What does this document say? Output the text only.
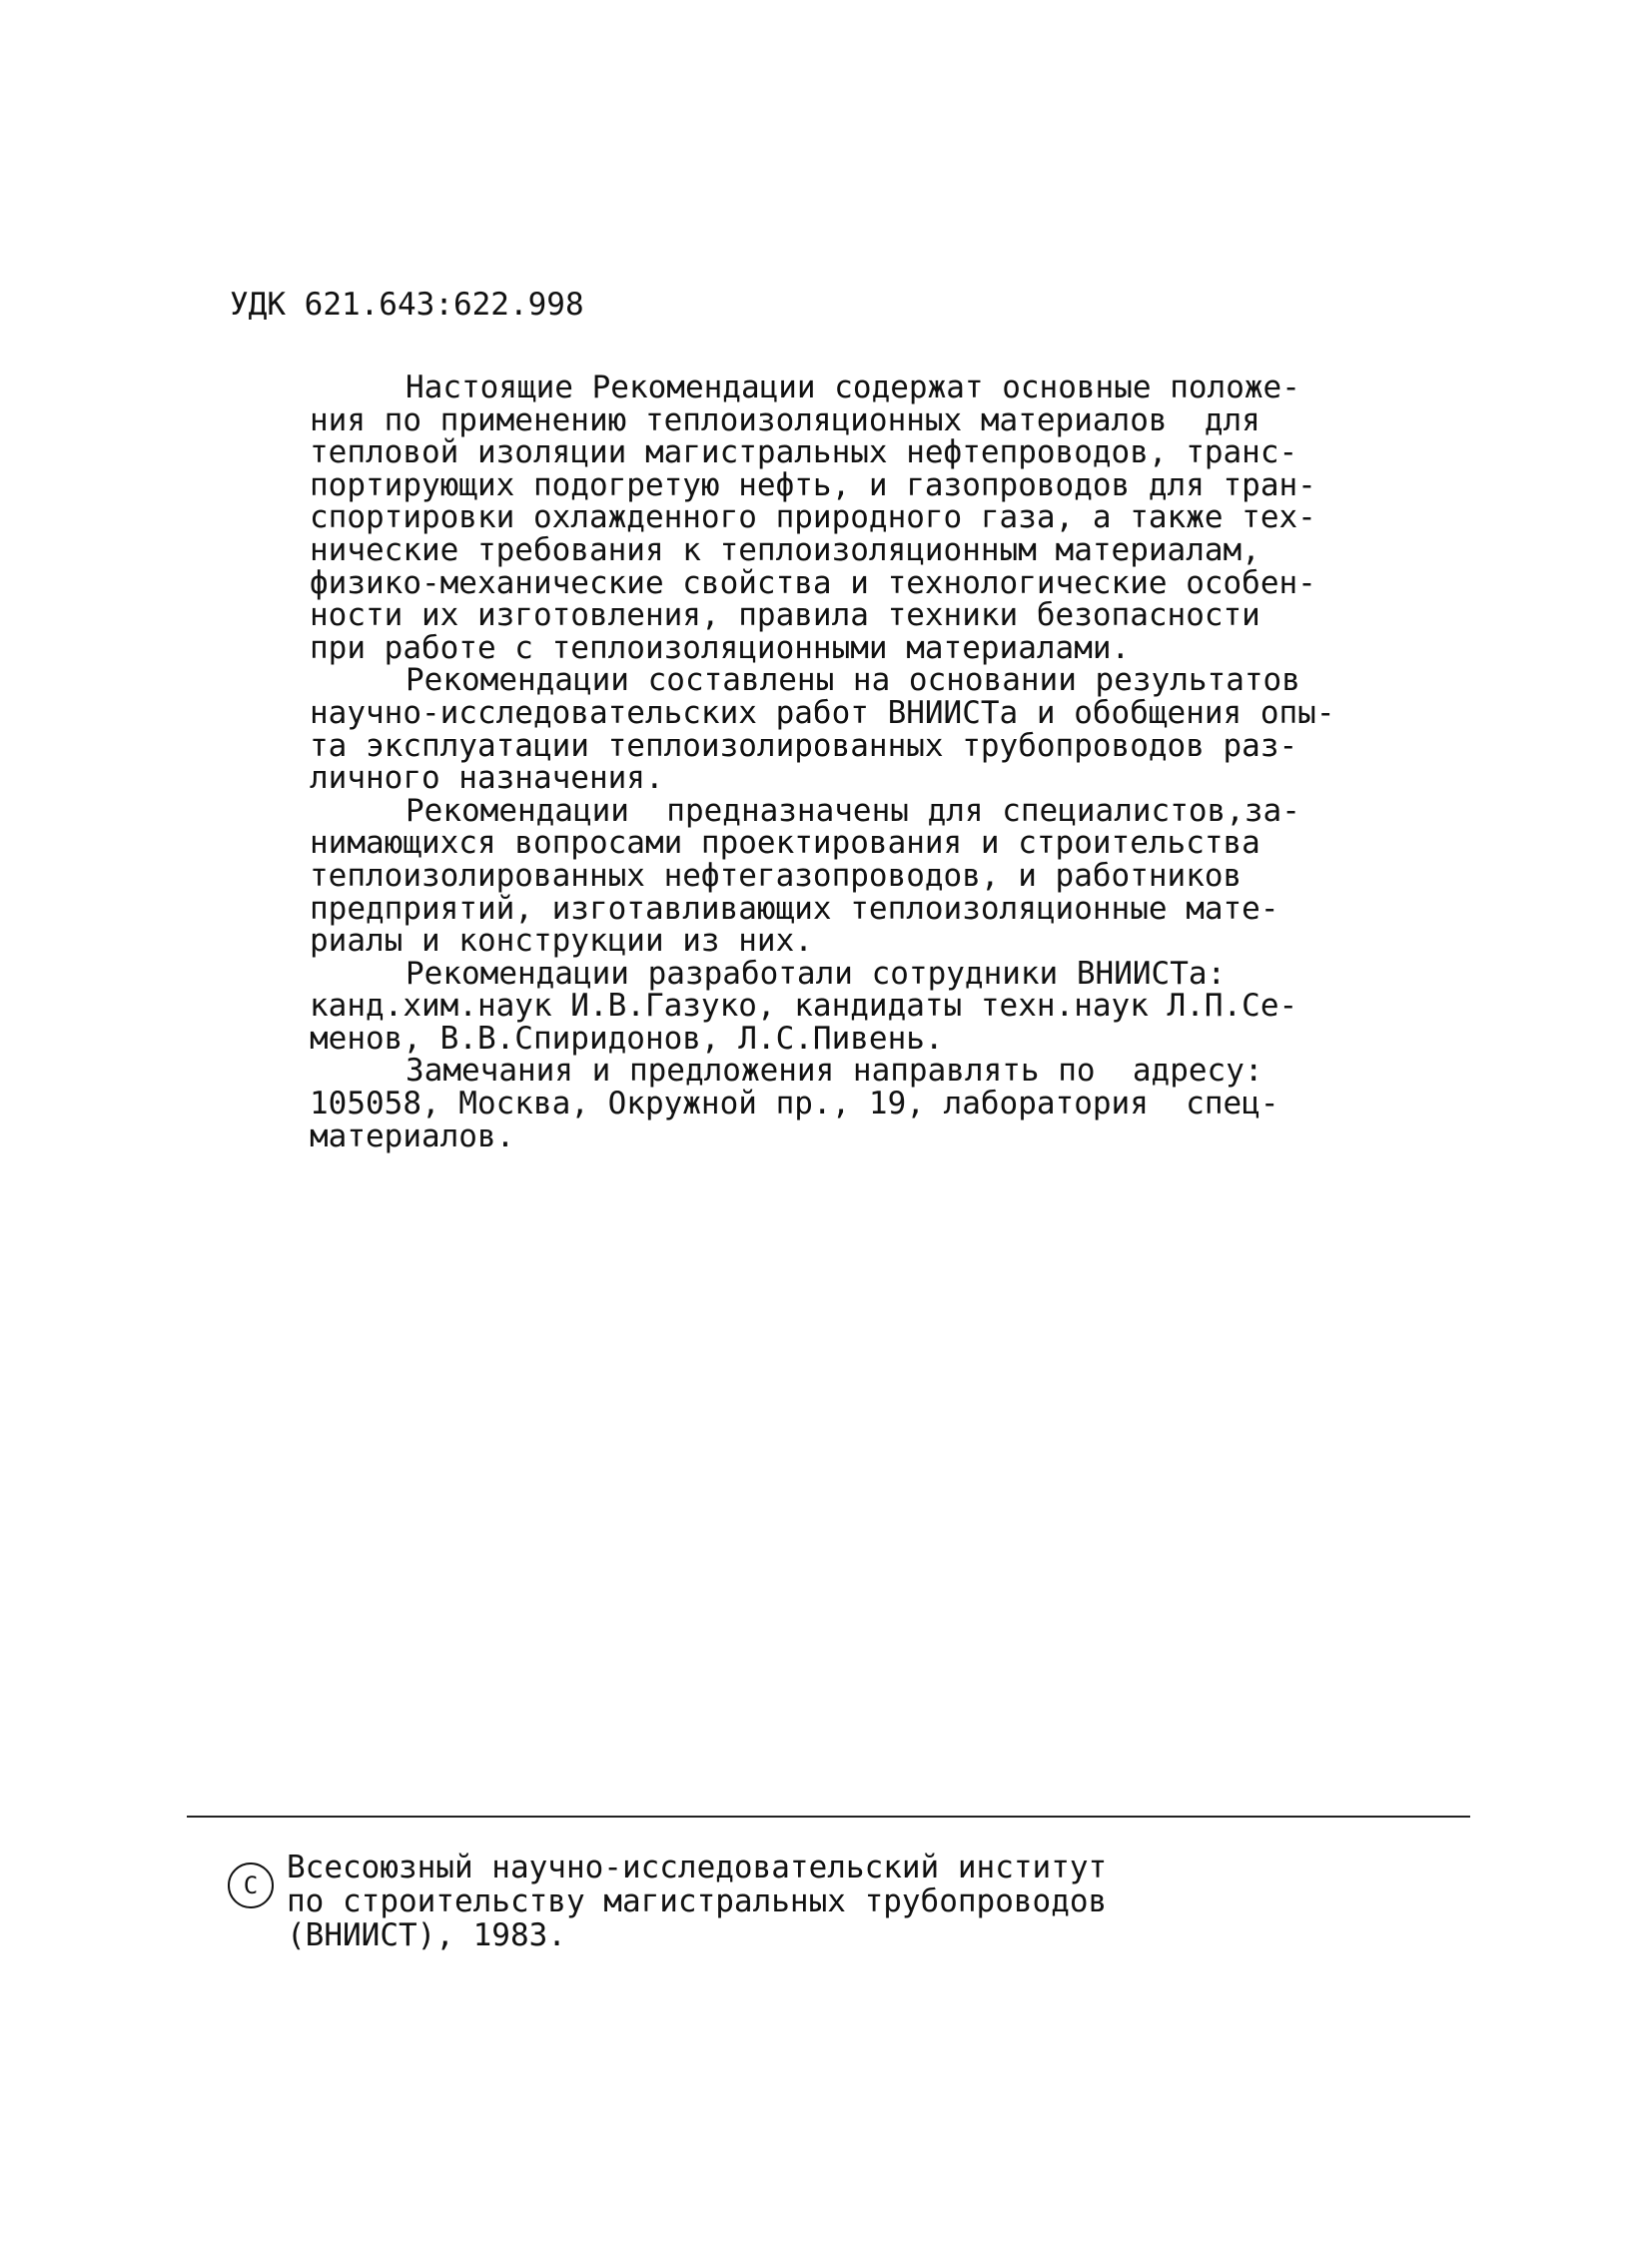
УДК 621.643:622.998

Настоящие Рекомендации содержат основные положе-

ния по применению теплоизоляционных материалов  для

тепловой изоляции магистральных нефтепроводов, транс-

портирующих подогретую нефть, и газопроводов для тран-

спортировки охлажденного природного газа, а также тех-

нические требования к теплоизоляционным материалам,

физико-механические свойства и технологические особен-

ности их изготовления, правила техники безопасности

при работе с теплоизоляционными материалами.

Рекомендации составлены на основании результатов

научно-исследовательских работ ВНИИСТа и обобщения опы-

та эксплуатации теплоизолированных трубопроводов раз-

личного назначения.

Рекомендации  предназначены для специалистов,за-

нимающихся вопросами проектирования и строительства

теплоизолированных нефтегазопроводов, и работников

предприятий, изготавливающих теплоизоляционные мате-

риалы и конструкции из них.

Рекомендации разработали сотрудники ВНИИСТа:

канд.хим.наук И.В.Газуко, кандидаты техн.наук Л.П.Се-

менов, В.В.Спиридонов, Л.С.Пивень.

Замечания и предложения направлять по  адресу:

105058, Москва, Окружной пр., 19, лаборатория  спец-

материалов.

C Всесоюзный научно-исследовательский институт

по строительству магистральных трубопроводов

(ВНИИСТ), 1983.
